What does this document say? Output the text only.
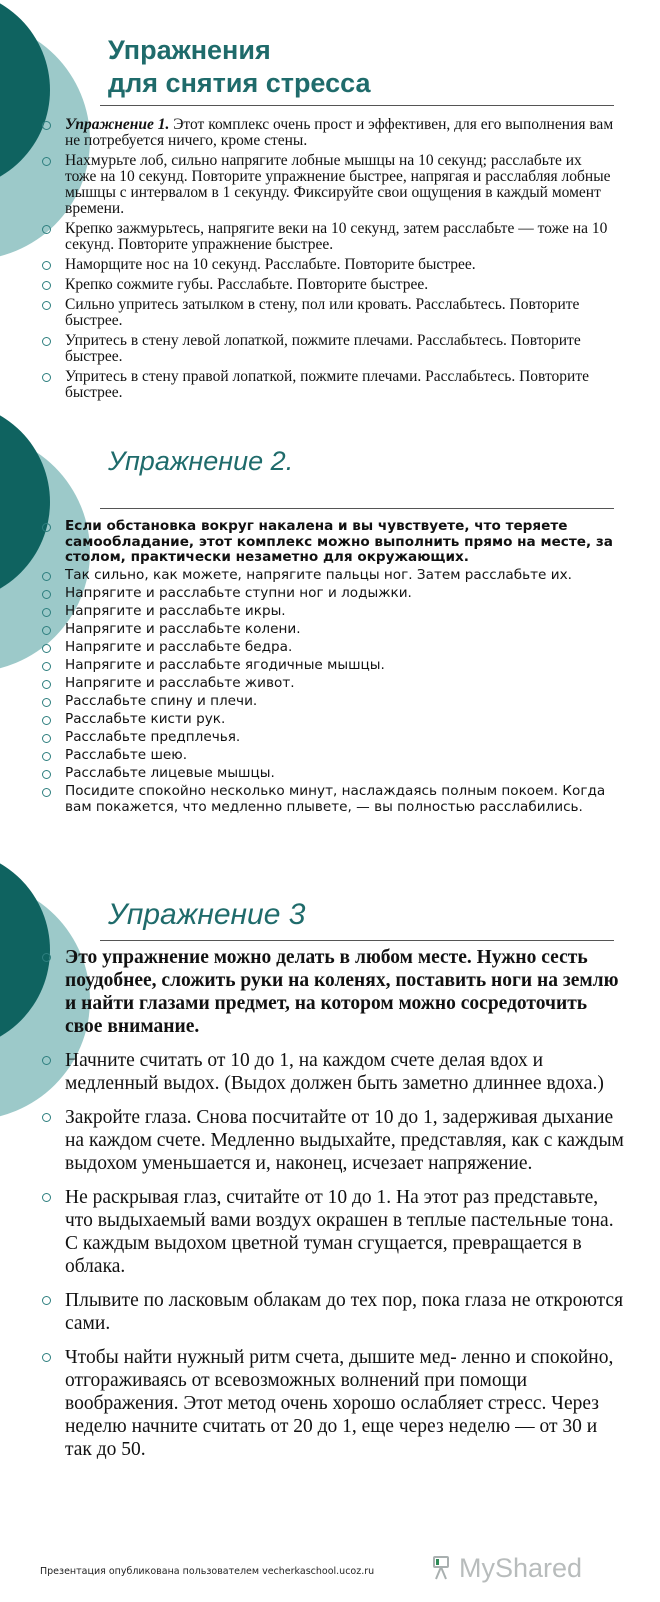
Упражнения
для снятия стресса
Упражнение 1. Этот комплекс очень прост и эффективен, для его выполнения вам не потребуется ничего, кроме стены.
Нахмурьте лоб, сильно напрягите лобные мышцы на 10 секунд; расслабьте их тоже на 10 секунд. Повторите упражнение быстрее, напрягая и расслабляя лобные мышцы с интервалом в 1 секунду. Фиксируйте свои ощущения в каждый момент времени.
Крепко зажмурьтесь, напрягите веки на 10 секунд, затем расслабьте — тоже на 10 секунд. Повторите упражнение быстрее.
Наморщите нос на 10 секунд. Расслабьте. Повторите быстрее.
Крепко сожмите губы. Расслабьте. Повторите быстрее.
Сильно упритесь затылком в стену, пол или кровать. Расслабьтесь. Повторите быстрее.
Упритесь в стену левой лопаткой, пожмите плечами. Расслабьтесь. Повторите быстрее.
Упритесь в стену правой лопаткой, пожмите плечами. Расслабьтесь. Повторите быстрее.
Упражнение 2.
Если обстановка вокруг накалена и вы чувствуете, что теряете самообладание, этот комплекс можно выполнить прямо на месте, за столом, практически незаметно для окружающих.
Так сильно, как можете, напрягите пальцы ног. Затем расслабьте их.
Напрягите и расслабьте ступни ног и лодыжки.
Напрягите и расслабьте икры.
Напрягите и расслабьте колени.
Напрягите и расслабьте бедра.
Напрягите и расслабьте ягодичные мышцы.
Напрягите и расслабьте живот.
Расслабьте спину и плечи.
Расслабьте кисти рук.
Расслабьте предплечья.
Расслабьте шею.
Расслабьте лицевые мышцы.
Посидите спокойно несколько минут, наслаждаясь полным покоем. Когда вам покажется, что медленно плывете, — вы полностью расслабились.
Упражнение 3
Это упражнение можно делать в любом месте. Нужно сесть поудобнее, сложить руки на коленях, поставить ноги на землю и найти глазами предмет, на котором можно сосредоточить свое внимание.
Начните считать от 10 до 1, на каждом счете делая вдох и медленный выдох. (Выдох должен быть заметно длиннее вдоха.)
Закройте глаза. Снова посчитайте от 10 до 1, задерживая дыхание на каждом счете. Медленно выдыхайте, представляя, как с каждым выдохом уменьшается и, наконец, исчезает напряжение.
Не раскрывая глаз, считайте от 10 до 1. На этот раз представьте, что выдыхаемый вами воздух окрашен в теплые пастельные тона. С каждым выдохом цветной туман сгущается, превращается в облака.
Плывите по ласковым облакам до тех пор, пока глаза не откроются сами.
Чтобы найти нужный ритм счета, дышите мед- ленно и спокойно, отгораживаясь от всевозможных волнений при помощи воображения. Этот метод очень хорошо ослабляет стресс. Через неделю начните считать от 20 до 1, еще через неделю — от 30 и так до 50.
Презентация опубликована пользователем vecherkaschool.ucoz.ru	MyShared
